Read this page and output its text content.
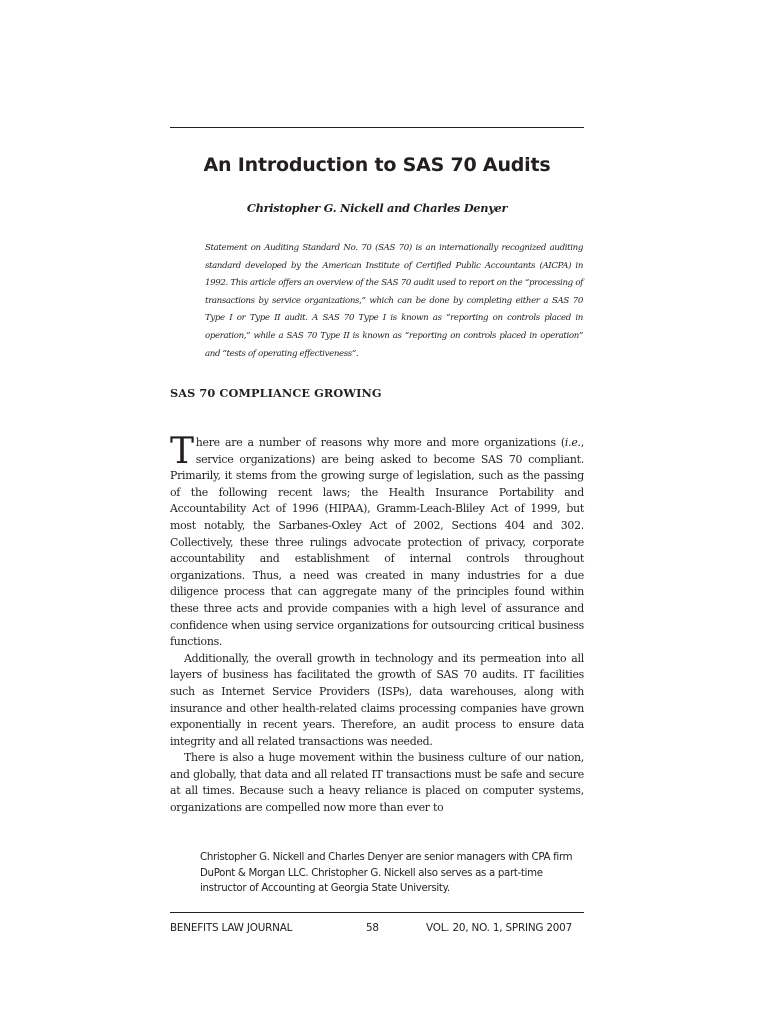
An Introduction to SAS 70 Audits
Christopher G. Nickell and Charles Denyer

Statement on Auditing Standard No. 70 (SAS 70) is an internationally recognized auditing standard developed by the American Institute of Certified Public Accountants (AICPA) in 1992. This article offers an overview of the SAS 70 audit used to report on the “processing of transactions by service organizations,” which can be done by completing either a SAS 70 Type I or Type II audit. A SAS 70 Type I is known as “reporting on controls placed in operation,” while a SAS 70 Type II is known as “reporting on controls placed in operation” and “tests of operating effectiveness”.

SAS 70 COMPLIANCE GROWING

There are a number of reasons why more and more organizations (i.e., service organizations) are being asked to become SAS 70 compliant. Primarily, it stems from the growing surge of legislation, such as the passing of the following recent laws; the Health Insurance Portability and Accountability Act of 1996 (HIPAA), Gramm-Leach-Bliley Act of 1999, but most notably, the Sarbanes-Oxley Act of 2002, Sections 404 and 302. Collectively, these three rulings advocate protection of privacy, corporate accountability and establishment of internal controls throughout organizations. Thus, a need was created in many industries for a due diligence process that can aggregate many of the principles found within these three acts and provide companies with a high level of assurance and confidence when using service organizations for outsourcing critical business functions.

Additionally, the overall growth in technology and its permeation into all layers of business has facilitated the growth of SAS 70 audits. IT facilities such as Internet Service Providers (ISPs), data warehouses, along with insurance and other health-related claims processing companies have grown exponentially in recent years. Therefore, an audit process to ensure data integrity and all related transactions was needed.

There is also a huge movement within the business culture of our nation, and globally, that data and all related IT transactions must be safe and secure at all times. Because such a heavy reliance is placed on computer systems, organizations are compelled now more than ever to

Christopher G. Nickell and Charles Denyer are senior managers with CPA firm DuPont & Morgan LLC. Christopher G. Nickell also serves as a part-time instructor of Accounting at Georgia State University.
BENEFITS LAW JOURNAL	58	VOL. 20, NO. 1, SPRING 2007
